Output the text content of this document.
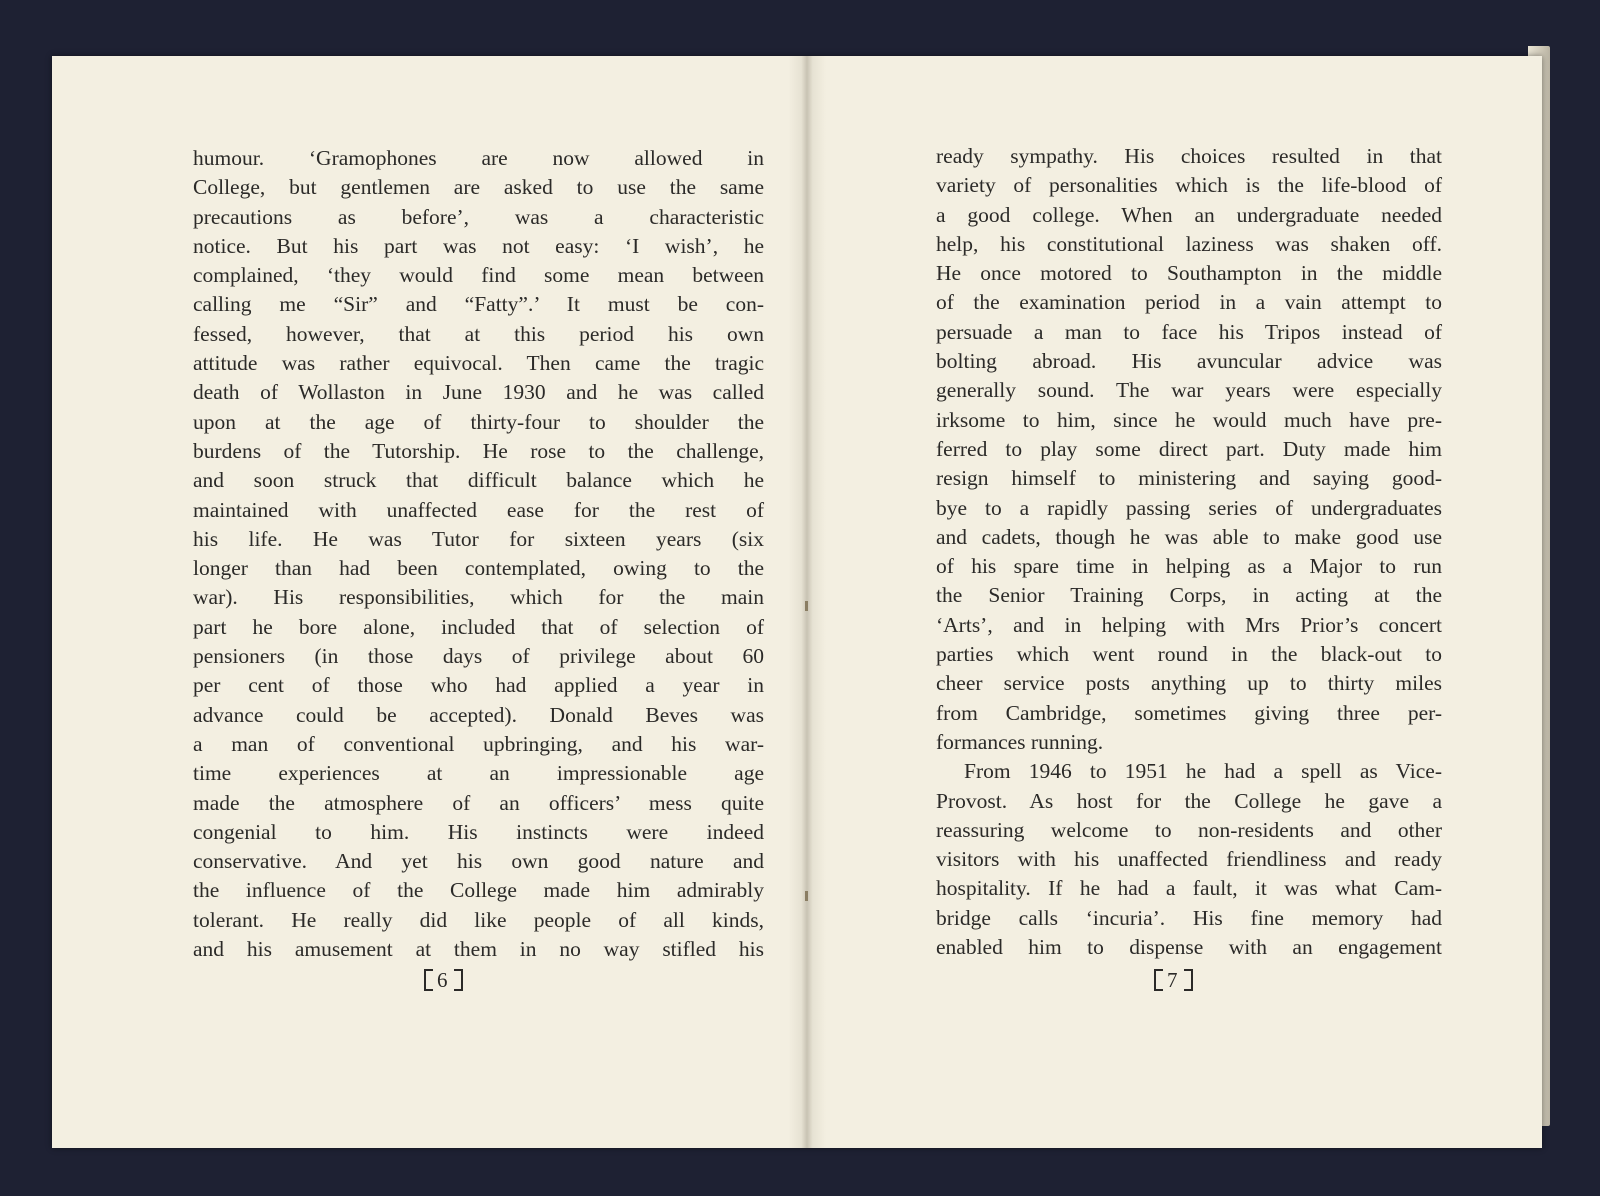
humour. ‘Gramophones are now allowed in
College, but gentlemen are asked to use the same
precautions as before’, was a characteristic
notice. But his part was not easy: ‘I wish’, he
complained, ‘they would find some mean between
calling me “Sir” and “Fatty”.’ It must be con-
fessed, however, that at this period his own
attitude was rather equivocal. Then came the tragic
death of Wollaston in June 1930 and he was called
upon at the age of thirty-four to shoulder the
burdens of the Tutorship. He rose to the challenge,
and soon struck that difficult balance which he
maintained with unaffected ease for the rest of
his life. He was Tutor for sixteen years (six
longer than had been contemplated, owing to the
war). His responsibilities, which for the main
part he bore alone, included that of selection of
pensioners (in those days of privilege about 60
per cent of those who had applied a year in
advance could be accepted). Donald Beves was
a man of conventional upbringing, and his war-
time experiences at an impressionable age
made the atmosphere of an officers’ mess quite
congenial to him. His instincts were indeed
conservative. And yet his own good nature and
the influence of the College made him admirably
tolerant. He really did like people of all kinds,
and his amusement at them in no way stifled his
6
ready sympathy. His choices resulted in that
variety of personalities which is the life-blood of
a good college. When an undergraduate needed
help, his constitutional laziness was shaken off.
He once motored to Southampton in the middle
of the examination period in a vain attempt to
persuade a man to face his Tripos instead of
bolting abroad. His avuncular advice was
generally sound. The war years were especially
irksome to him, since he would much have pre-
ferred to play some direct part. Duty made him
resign himself to ministering and saying good-
bye to a rapidly passing series of undergraduates
and cadets, though he was able to make good use
of his spare time in helping as a Major to run
the Senior Training Corps, in acting at the
‘Arts’, and in helping with Mrs Prior’s concert
parties which went round in the black-out to
cheer service posts anything up to thirty miles
from Cambridge, sometimes giving three per-
formances running.
From 1946 to 1951 he had a spell as Vice-
Provost. As host for the College he gave a
reassuring welcome to non-residents and other
visitors with his unaffected friendliness and ready
hospitality. If he had a fault, it was what Cam-
bridge calls ‘incuria’. His fine memory had
enabled him to dispense with an engagement
7
